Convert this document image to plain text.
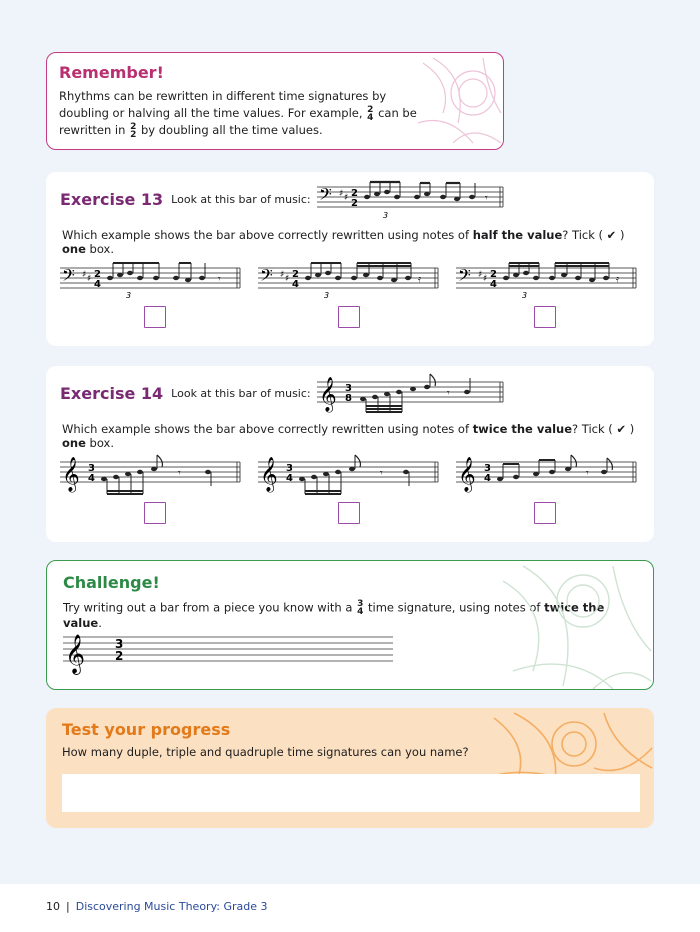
Remember!

Rhythms can be rewritten in different time signatures by doubling or halving all the time values. For example, 2
4 can be rewritten in 2
2 by doubling all the time values.

Exercise 13 Look at this bar of music: 𝄢 ♯ ♯ 2
2
3
𝄾

Which example shows the bar above correctly rewritten using notes of half the value? Tick ( ✔ ) one box.

𝄢 ♯ ♯ 2
4
3
𝄾 𝄢 ♯ ♯ 2
4
3
𝄿 𝄢 ♯ ♯ 2
4
3
𝄿
Exercise 14 Look at this bar of music: 𝄞 3
8	𝄾

Which example shows the bar above correctly rewritten using notes of twice the value? Tick ( ✔ ) one box.

𝄞 3
4	𝄾	𝄞 3
4	𝄾	𝄞 3
4	𝄾
Challenge!

Try writing out a bar from a piece you know with a 3
4 time signature, using notes of twice the value.

𝄞 3
2
Test your progress

How many duple, triple and quadruple time signatures can you name?

10 | Discovering Music Theory: Grade 3
